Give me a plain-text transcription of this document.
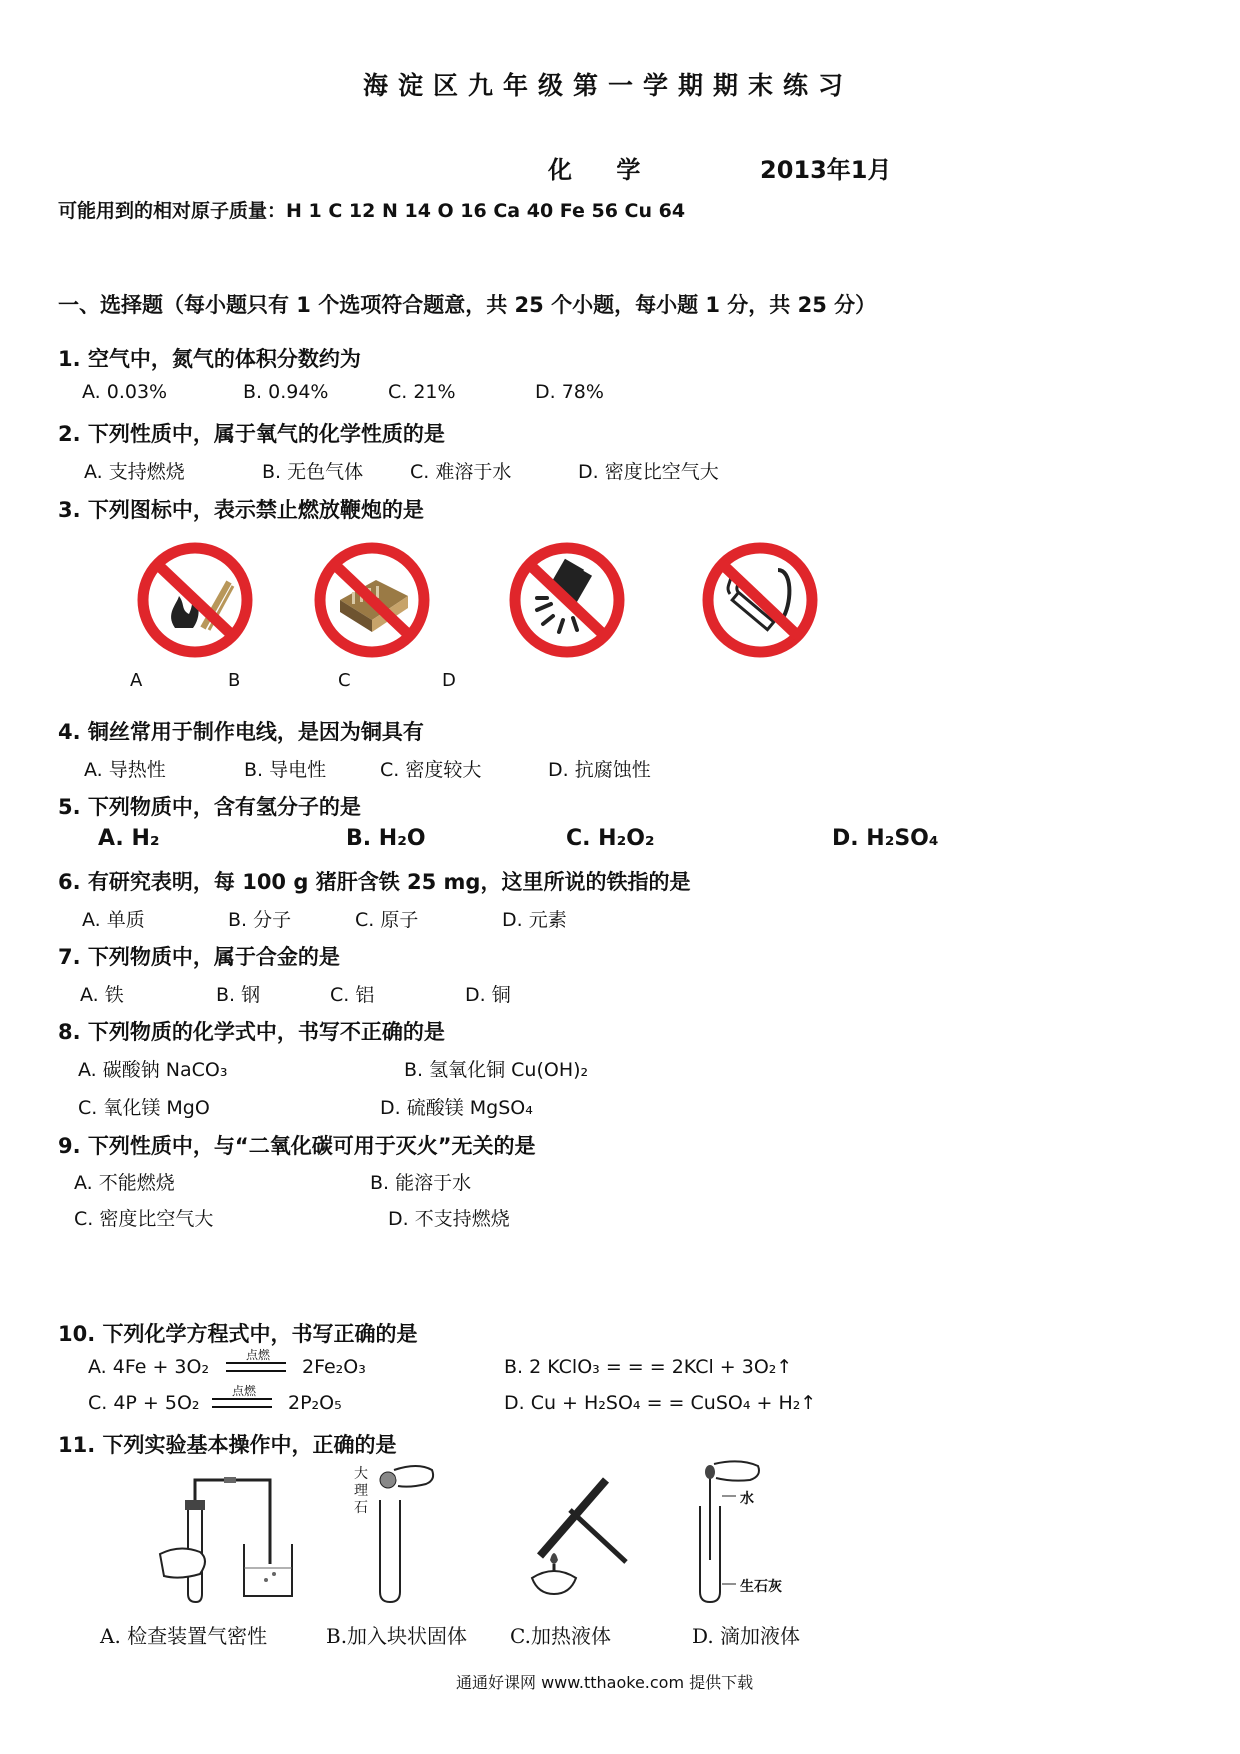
海淀区九年级第一学期期末练习
化 学	2013年1月
可能用到的相对原子质量：H 1 C 12 N 14 O 16 Ca 40 Fe 56 Cu 64
一、选择题（每小题只有 1 个选项符合题意，共 25 个小题，每小题 1 分，共 25 分）
1. 空气中，氮气的体积分数约为
A. 0.03%	B. 0.94%	C. 21%	D. 78%
2. 下列性质中，属于氧气的化学性质的是
A. 支持燃烧	B. 无色气体 C. 难溶于水	D. 密度比空气大
3. 下列图标中，表示禁止燃放鞭炮的是
A	B	C	D
4. 铜丝常用于制作电线，是因为铜具有
A. 导热性	B. 导电性	C. 密度较大	D. 抗腐蚀性
5. 下列物质中，含有氢分子的是
A. H₂	B. H₂O	C. H₂O₂	D. H₂SO₄
6. 有研究表明，每 100 g 猪肝含铁 25 mg，这里所说的铁指的是
A. 单质	B. 分子	C. 原子	D. 元素
7. 下列物质中，属于合金的是
A. 铁	B. 钢	C. 铝	D. 铜
8. 下列物质的化学式中，书写不正确的是
A. 碳酸钠 NaCO₃	B. 氢氧化铜 Cu(OH)₂
C. 氧化镁 MgO	D. 硫酸镁 MgSO₄
9. 下列性质中，与“二氧化碳可用于灭火”无关的是
A. 不能燃烧	B. 能溶于水
C. 密度比空气大	D. 不支持燃烧
10. 下列化学方程式中，书写正确的是
A. 4Fe + 3O₂
点燃
2Fe₂O₃	B. 2 KClO₃ = = = 2KCl + 3O₂↑
C. 4P + 5O₂
点燃
2P₂O₅	D. Cu + H₂SO₄ = = CuSO₄ + H₂↑
11. 下列实验基本操作中，正确的是
大理石
水
生石灰
A. 检查装置气密性	B.加入块状固体 C.加热液体	D. 滴加液体
通通好课网 www.tthaoke.com 提供下载
